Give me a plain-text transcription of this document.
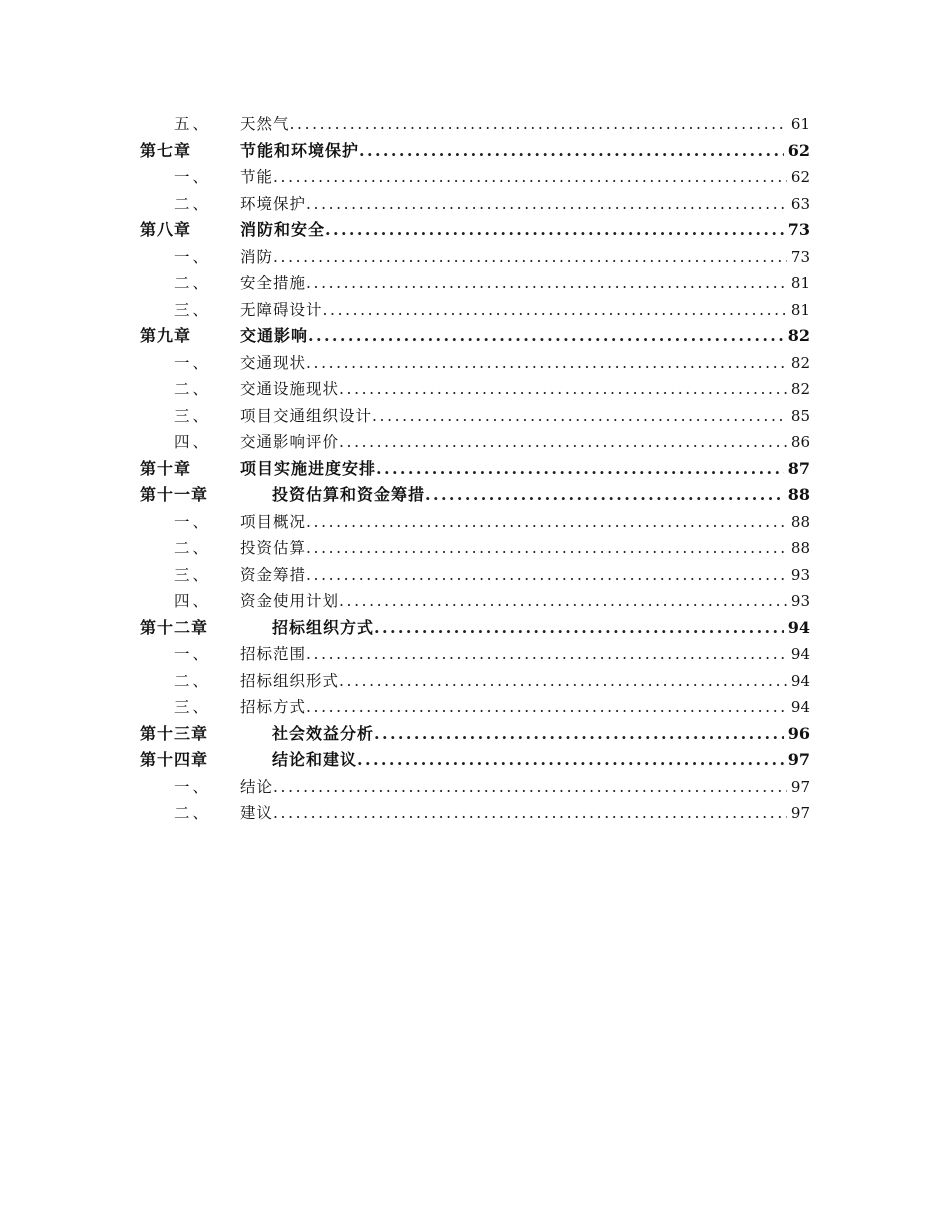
五、 天然气 .....	61
第七章	节能和环境保护 .....	62
一、 节能 .....	62
二、 环境保护 .....	63
第八章	消防和安全 .....	73
一、 消防 .....	73
二、 安全措施 .....	81
三、 无障碍设计 .....	81
第九章	交通影响 .....	82
一、 交通现状 .....	82
二、 交通设施现状 .....	82
三、 项目交通组织设计 .....	85
四、 交通影响评价 .....	86
第十章	项目实施进度安排 .....	87
第十一章	投资估算和资金筹措 .....	88
一、 项目概况 .....	88
二、 投资估算 .....	88
三、 资金筹措 .....	93
四、 资金使用计划 .....	93
第十二章	招标组织方式 .....	94
一、 招标范围 .....	94
二、 招标组织形式 .....	94
三、 招标方式 .....	94
第十三章	社会效益分析 .....	96
第十四章	结论和建议 .....	97
一、 结论 .....	97
二、 建议 .....	97
